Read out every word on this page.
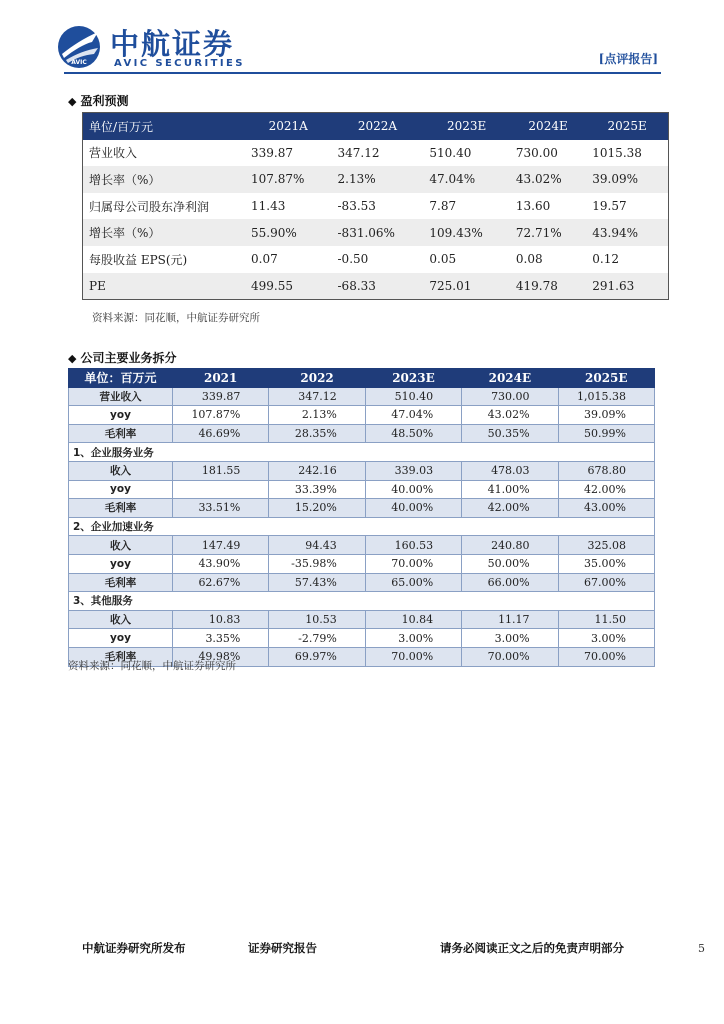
AVIC
中航证券
AVIC SECURITIES	[点评报告]
◆ 盈利预测
单位/百万元	2021A	2022A	2023E	2024E	2025E
营业收入	339.87	347.12	510.40	730.00	1015.38
增长率（%）	107.87%	2.13%	47.04%	43.02%	39.09%
归属母公司股东净利润	11.43	-83.53	7.87	13.60	19.57
增长率（%）	55.90%	-831.06%	109.43%	72.71%	43.94%
每股收益 EPS(元)	0.07	-0.50	0.05	0.08	0.12
PE	499.55	-68.33	725.01	419.78	291.63
资料来源：同花顺，中航证券研究所
◆ 公司主要业务拆分
单位：百万元	2021	2022	2023E	2024E	2025E
营业收入	339.87	347.12	510.40	730.00	1,015.38
yoy	107.87%	2.13%	47.04%	43.02%	39.09%
毛利率	46.69%	28.35%	48.50%	50.35%	50.99%
1、企业服务业务					
收入	181.55	242.16	339.03	478.03	678.80
yoy		33.39%	40.00%	41.00%	42.00%
毛利率	33.51%	15.20%	40.00%	42.00%	43.00%
2、企业加速业务					
收入	147.49	94.43	160.53	240.80	325.08
yoy	43.90%	-35.98%	70.00%	50.00%	35.00%
毛利率	62.67%	57.43%	65.00%	66.00%	67.00%
3、其他服务					
收入	10.83	10.53	10.84	11.17	11.50
yoy	3.35%	-2.79%	3.00%	3.00%	3.00%
毛利率	49.98%	69.97%	70.00%	70.00%	70.00%
资料来源：同花顺，中航证券研究所
中航证券研究所发布	证券研究报告	请务必阅读正文之后的免责声明部分	5
